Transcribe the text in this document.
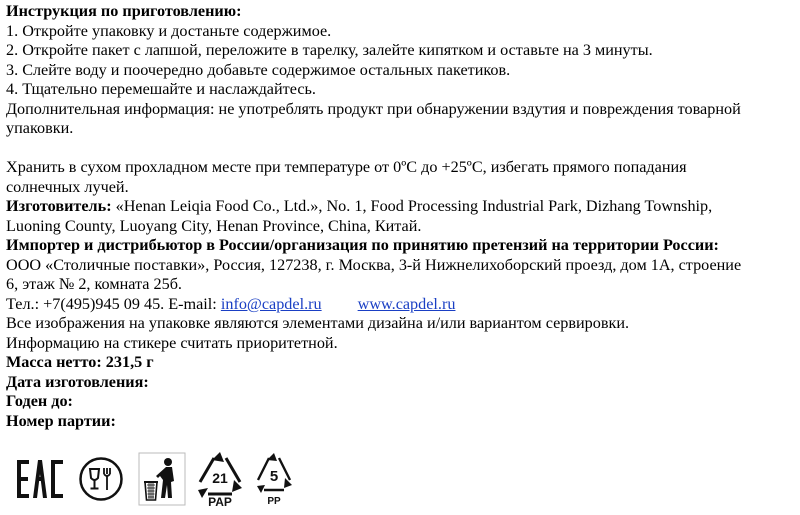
Инструкция по приготовлению:
1. Откройте упаковку и достаньте содержимое.
2. Откройте пакет с лапшой, переложите в тарелку, залейте кипятком и оставьте на 3 минуты.
3. Слейте воду и поочередно добавьте содержимое остальных пакетиков.
4. Тщательно перемешайте и наслаждайтесь.
Дополнительная информация: не употреблять продукт при обнаружении вздутия и повреждения товарной
упаковки.
Хранить в сухом прохладном месте при температуре от 0ºС до +25ºС, избегать прямого попадания
солнечных лучей.
Изготовитель: «Henan Leiqia Food Co., Ltd.», No. 1, Food Processing Industrial Park, Dizhang Township,
Luoning County, Luoyang City, Henan Province, China, Китай.
Импортер и дистрибьютор в России/организация по принятию претензий на территории России:
ООО «Столичные поставки», Россия, 127238, г. Москва, 3-й Нижнелихоборский проезд, дом 1А, строение
6, этаж № 2, комната 25б.
Тел.: +7(495)945 09 45. E-mail: info@capdel.ru www.capdel.ru
Все изображения на упаковке являются элементами дизайна и/или вариантом сервировки.
Информацию на стикере считать приоритетной.
Масса нетто: 231,5 г
Дата изготовления:
Годен до:
Номер партии:
21
PAP
5
PP
